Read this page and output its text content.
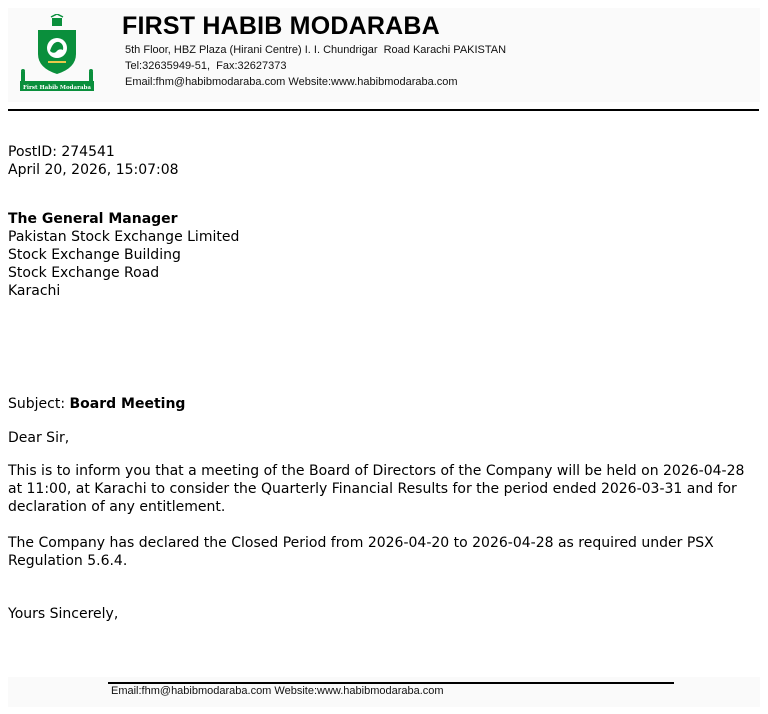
First Habib Modaraba
FIRST HABIB MODARABA
5th Floor, HBZ Plaza (Hirani Centre) I. I. Chundrigar  Road Karachi PAKISTAN
Tel:32635949-51,  Fax:32627373
Email:fhm@habibmodaraba.com Website:www.habibmodaraba.com
PostID: 274541
April 20, 2026, 15:07:08
The General Manager
Pakistan Stock Exchange Limited
Stock Exchange Building
Stock Exchange Road
Karachi
Subject: Board Meeting
Dear Sir,
This is to inform you that a meeting of the Board of Directors of the Company will be held on 2026-04-28 at 11:00, at Karachi to consider the Quarterly Financial Results for the period ended 2026-03-31 and for declaration of any entitlement.
The Company has declared the Closed Period from 2026-04-20 to 2026-04-28 as required under PSX Regulation 5.6.4.
Yours Sincerely,
Email:fhm@habibmodaraba.com Website:www.habibmodaraba.com
